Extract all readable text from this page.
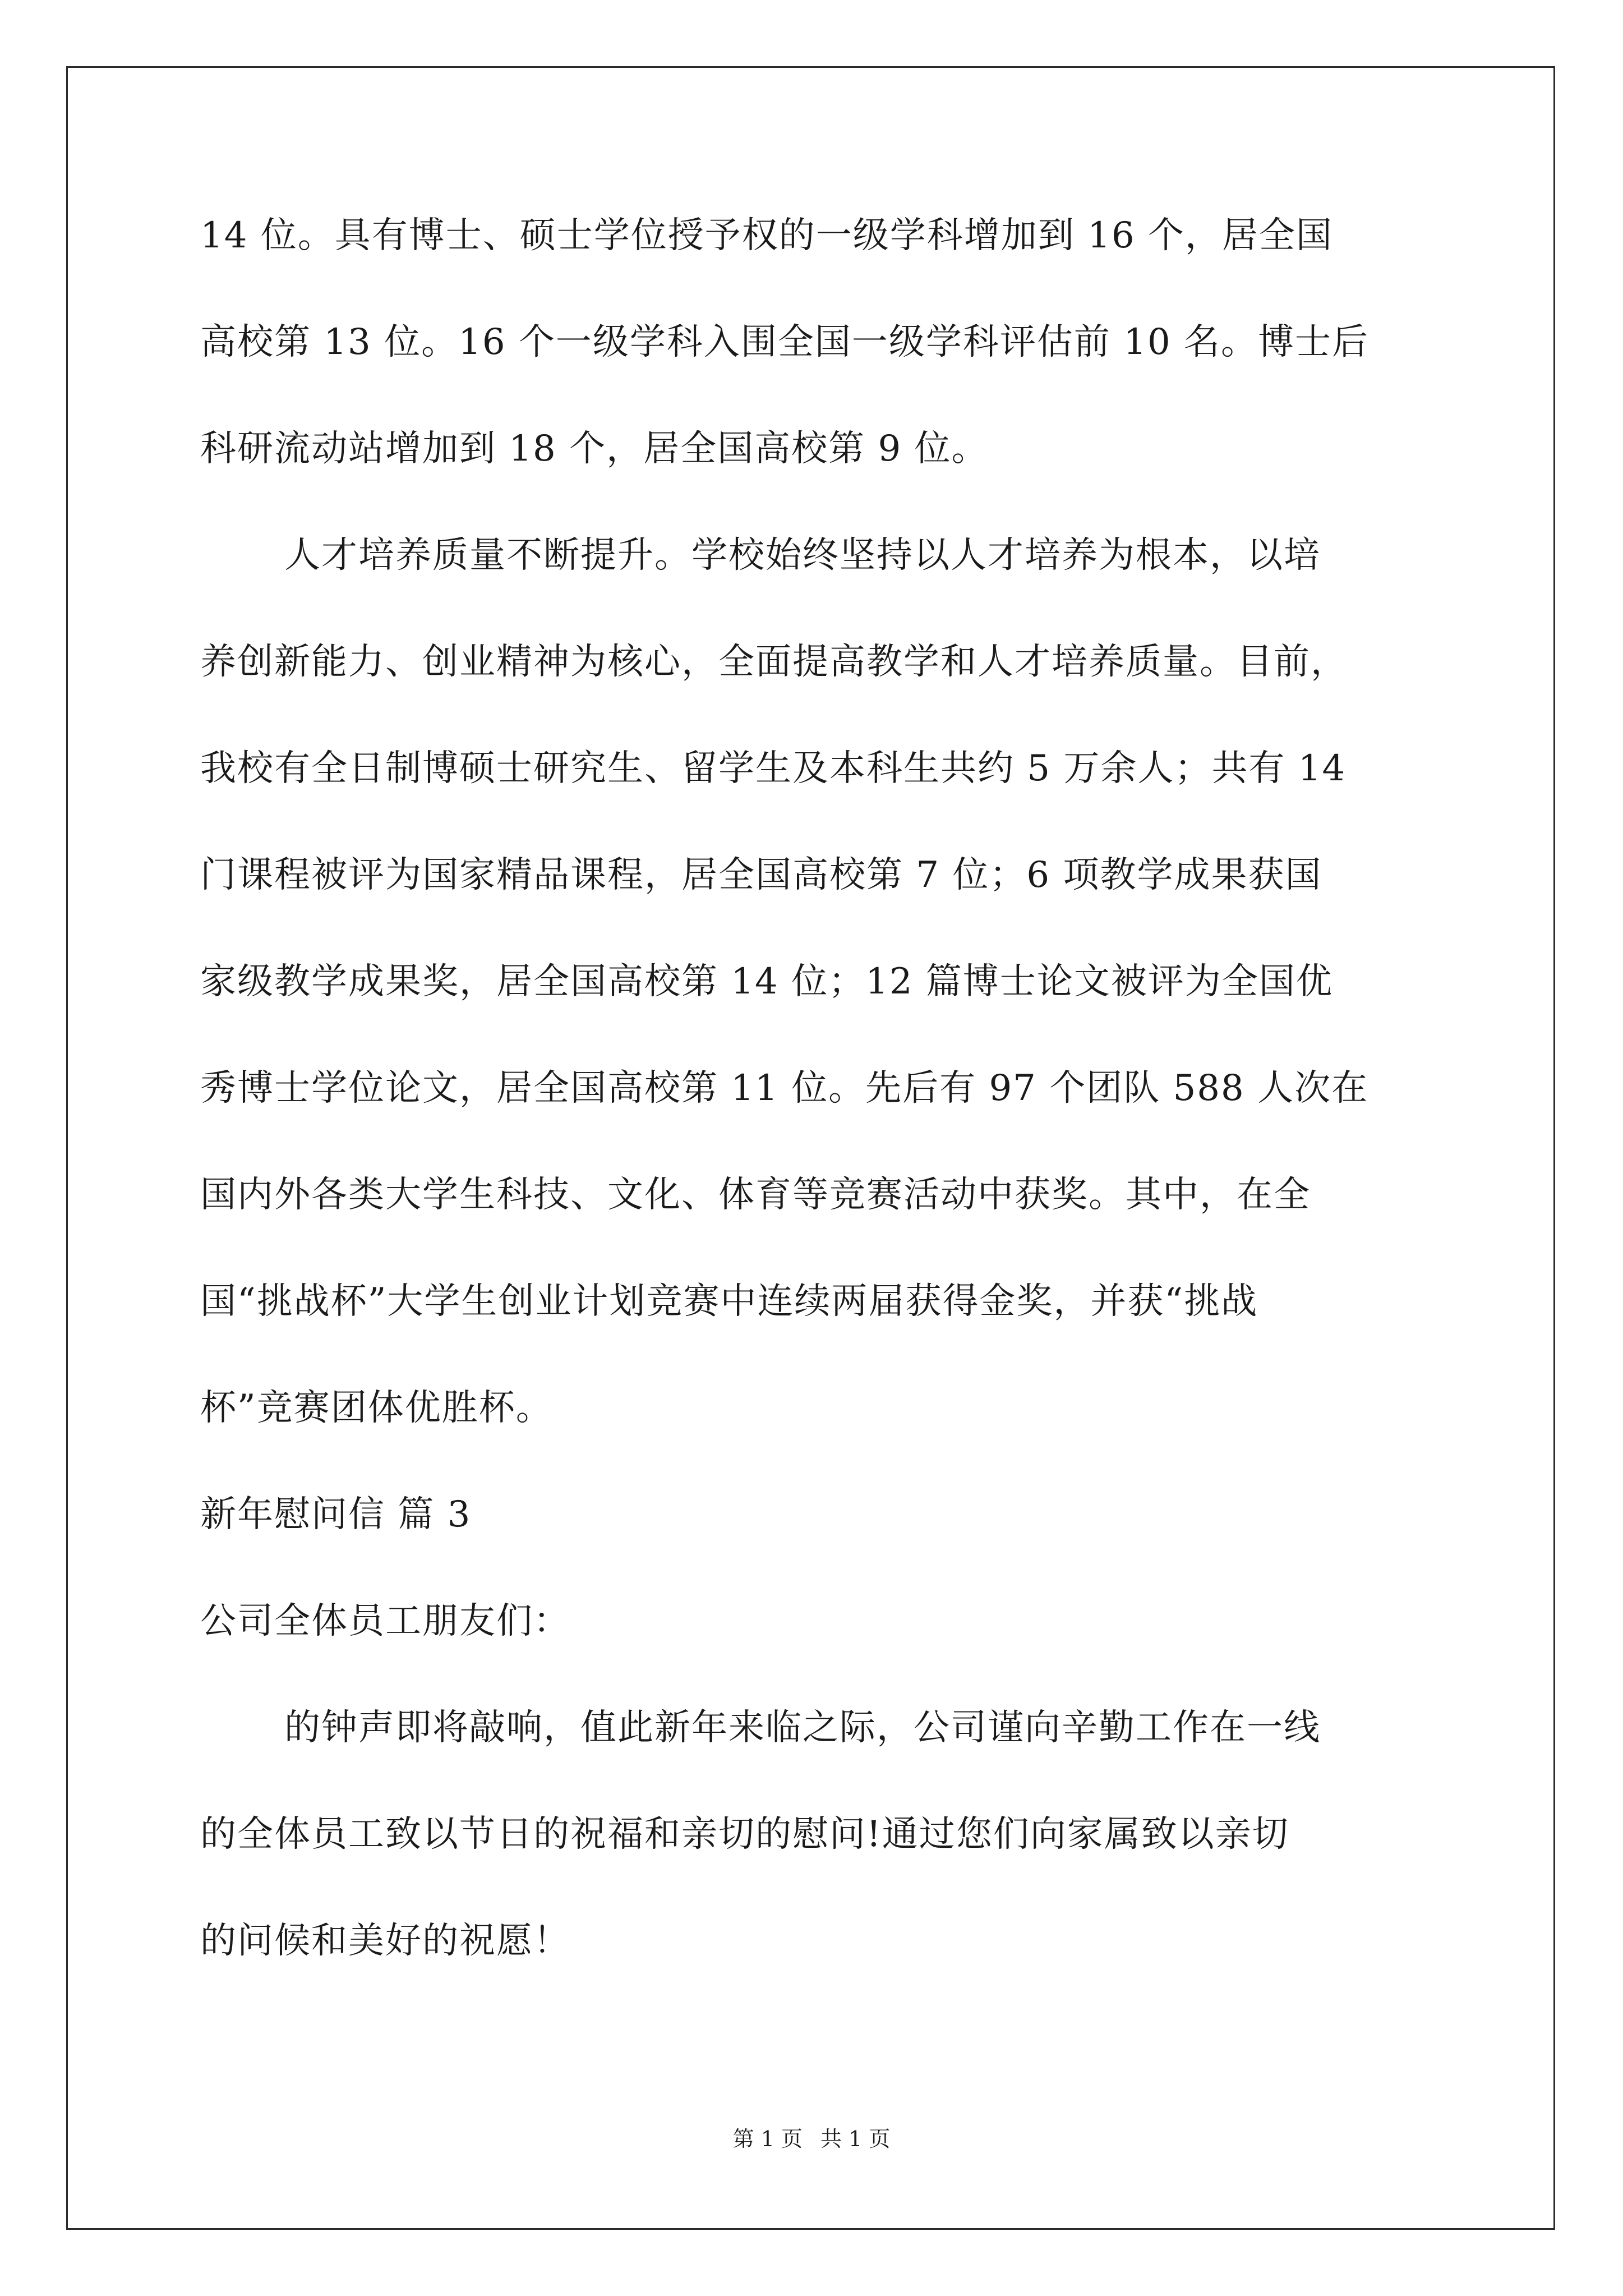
14 位。具有博士、硕士学位授予权的一级学科增加到 16 个，居全国
高校第 13 位。16 个一级学科入围全国一级学科评估前 10 名。博士后
科研流动站增加到 18 个，居全国高校第 9 位。
人才培养质量不断提升。学校始终坚持以人才培养为根本，以培
养创新能力、创业精神为核心，全面提高教学和人才培养质量。目前，
我校有全日制博硕士研究生、留学生及本科生共约 5 万余人；共有 14
门课程被评为国家精品课程，居全国高校第 7 位；6 项教学成果获国
家级教学成果奖，居全国高校第 14 位；12 篇博士论文被评为全国优
秀博士学位论文，居全国高校第 11 位。先后有 97 个团队 588 人次在
国内外各类大学生科技、文化、体育等竞赛活动中获奖。其中，在全
国“挑战杯”大学生创业计划竞赛中连续两届获得金奖，并获“挑战
杯”竞赛团体优胜杯。
新年慰问信 篇 3
公司全体员工朋友们：
的钟声即将敲响，值此新年来临之际，公司谨向辛勤工作在一线
的全体员工致以节日的祝福和亲切的慰问!通过您们向家属致以亲切
的问候和美好的祝愿！
第 1 页 共 1 页
